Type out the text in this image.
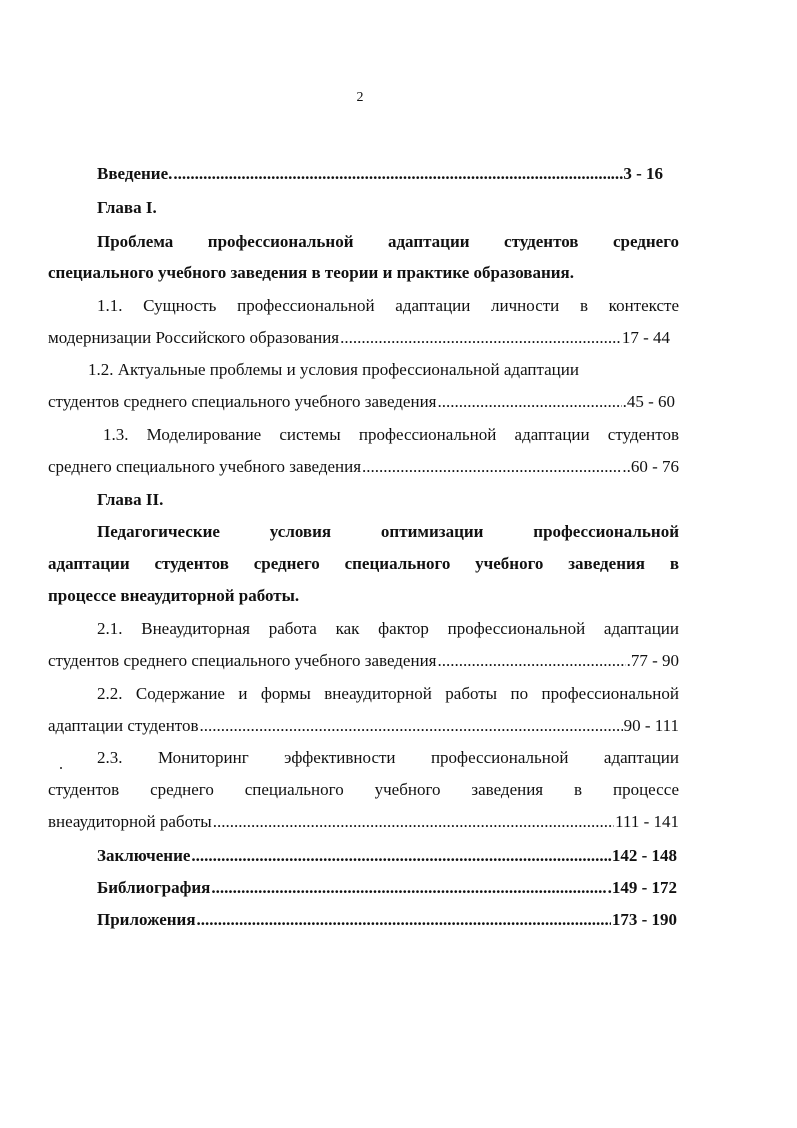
2
Введение. .....	...3 - 16
Глава I.
Проблема профессиональной адаптации студентов среднего
специального учебного заведения в теории и практике образования.
1.1. Сущность профессиональной адаптации личности в контексте
модернизации Российского образования .....	17 - 44
1.2. Актуальные проблемы и условия профессиональной адаптации
студентов среднего специального учебного заведения .....	.45 - 60
1.3. Моделирование системы профессиональной адаптации студентов
среднего специального учебного заведения .....	..60 - 76
Глава II.
Педагогические условия оптимизации профессиональной
адаптации студентов среднего специального учебного заведения в
процессе внеаудиторной работы.
2.1. Внеаудиторная работа как фактор профессиональной адаптации
студентов среднего специального учебного заведения .....	.77 - 90
2.2. Содержание и формы внеаудиторной работы по профессиональной
адаптации студентов .....	90 - 111
2.3. Мониторинг эффективности профессиональной адаптации
студентов среднего специального учебного заведения в процессе
внеаудиторной работы .....	111 - 141
Заключение .....	.142 - 148
Библиография .....	.149 - 172
Приложения .....	173 - 190
